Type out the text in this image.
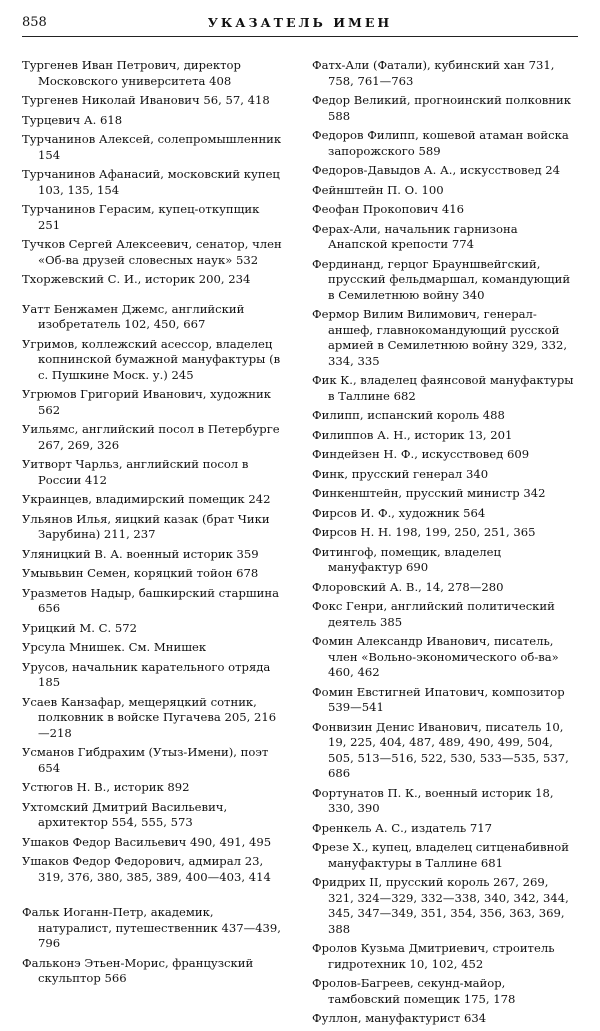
858	УКАЗАТЕЛЬ ИМЕН
Тургенев Иван Петрович, директор Московского университета 408
Тургенев Николай Иванович 56, 57, 418
Турцевич А. 618
Турчанинов Алексей, солепромышленник 154
Турчанинов Афанасий, московский купец 103, 135, 154
Турчанинов Герасим, купец-откупщик 251
Тучков Сергей Алексеевич, сенатор, член «Об-ва друзей словесных наук» 532
Тхоржевский С. И., историк 200, 234
Уатт Бенжамен Джемс, английский изобретатель 102, 450, 667
Угримов, коллежский асессор, владелец копнинской бумажной мануфактуры (в с. Пушкине Моск. у.) 245
Угрюмов Григорий Иванович, художник 562
Уильямс, английский посол в Петербурге 267, 269, 326
Уитворт Чарльз, английский посол в России 412
Украинцев, владимирский помещик 242
Ульянов Илья, яицкий казак (брат Чики Зарубина) 211, 237
Уляницкий В. А. военный историк 359
Умывьвин Семен, коряцкий тойон 678
Уразметов Надыр, башкирский старшина 656
Урицкий М. С. 572
Урсула Мнишек. См. Мнишек
Урусов, начальник карательного отряда 185
Усаев Канзафар, мещеряцкий сотник, полковник в войске Пугачева 205, 216—218
Усманов Гибдрахим (Утыз-Имени), поэт 654
Устюгов Н. В., историк 892
Ухтомский Дмитрий Васильевич, архитектор 554, 555, 573
Ушаков Федор Васильевич 490, 491, 495
Ушаков Федор Федорович, адмирал 23, 319, 376, 380, 385, 389, 400—403, 414
Фальк Иоганн-Петр, академик, натуралист, путешественник 437—439, 796
Фальконэ Этьен-Морис, французский скульптор 566
Фатх-Али (Фатали), кубинский хан 731, 758, 761—763
Федор Великий, прогноинский полковник 588
Федоров Филипп, кошевой атаман войска запорожского 589
Федоров-Давыдов А. А., искусствовед 24
Фейнштейн П. О. 100
Феофан Прокопович 416
Ферах-Али, начальник гарнизона Анапской крепости 774
Фердинанд, герцог Брауншвейгский, прусский фельдмаршал, командующий в Семилетнюю войну 340
Фермор Вилим Вилимович, генерал-аншеф, главнокомандующий русской армией в Семилетнюю войну 329, 332, 334, 335
Фик К., владелец фаянсовой мануфактуры в Таллине 682
Филипп, испанский король 488
Филиппов А. Н., историк 13, 201
Финдейзен Н. Ф., искусствовед 609
Финк, прусский генерал 340
Финкенштейн, прусский министр 342
Фирсов И. Ф., художник 564
Фирсов Н. Н. 198, 199, 250, 251, 365
Фитингоф, помещик, владелец мануфактур 690
Флоровский А. В., 14, 278—280
Фокс Генри, английский политический деятель 385
Фомин Александр Иванович, писатель, член «Вольно-экономического об-ва» 460, 462
Фомин Евстигней Ипатович, композитор 539—541
Фонвизин Денис Иванович, писатель 10, 19, 225, 404, 487, 489, 490, 499, 504, 505, 513—516, 522, 530, 533—535, 537, 686
Фортунатов П. К., военный историк 18, 330, 390
Френкель А. С., издатель 717
Фрезе Х., купец, владелец ситценабивной мануфактуры в Таллине 681
Фридрих II, прусский король 267, 269, 321, 324—329, 332—338, 340, 342, 344, 345, 347—349, 351, 354, 356, 363, 369, 388
Фролов Кузьма Дмитриевич, строитель гидротехник 10, 102, 452
Фролов-Багреев, секунд-майор, тамбовский помещик 175, 178
Фуллон, мануфактурист 634
